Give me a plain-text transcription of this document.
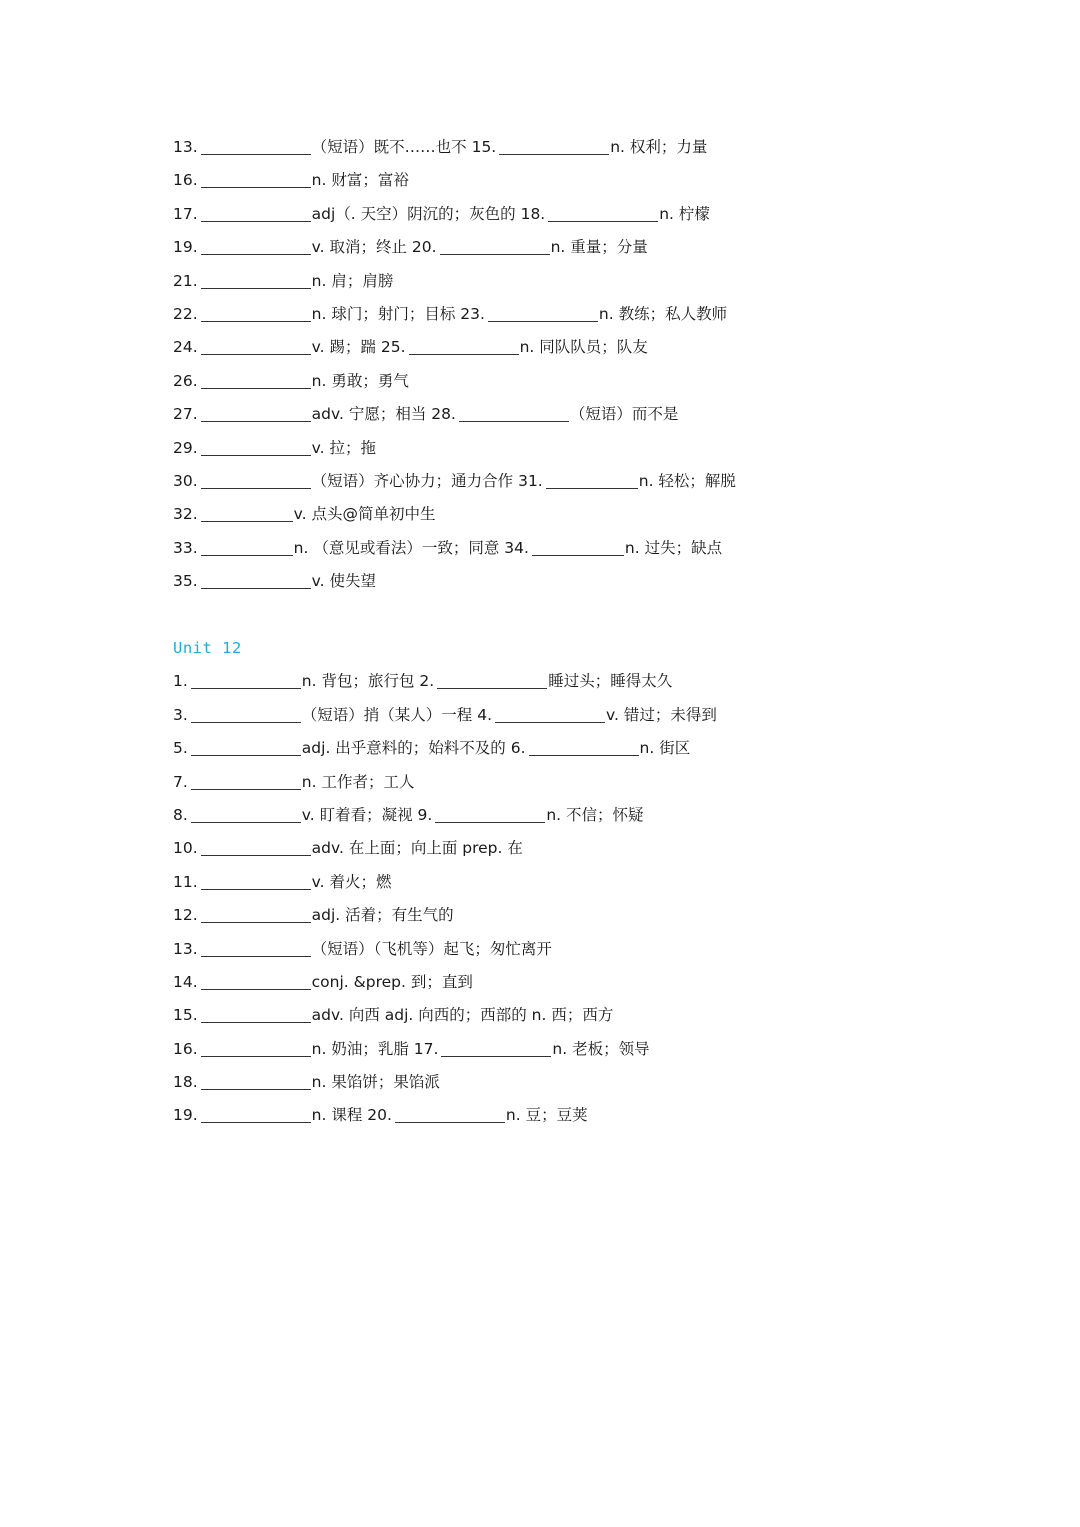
13.	（短语）既不……也不 15.	n. 权利；力量
16.	n. 财富；富裕
17.	adj（. 天空）阴沉的；灰色的 18.	n. 柠檬
19.	v. 取消；终止 20.	n. 重量；分量
21.	n. 肩；肩膀
22.	n. 球门；射门；目标 23.	n. 教练；私人教师
24.	v. 踢；踹 25.	n. 同队队员；队友
26.	n. 勇敢；勇气
27.	adv. 宁愿；相当 28.	（短语）而不是
29.	v. 拉；拖
30.	（短语）齐心协力；通力合作 31.	n. 轻松；解脱
32.	v. 点头@简单初中生
33.	n. （意见或看法）一致；同意 34.	n. 过失；缺点
35.	v. 使失望
Unit 12
1.	n. 背包；旅行包 2.	睡过头；睡得太久
3.	（短语）捎（某人）一程 4.	v. 错过；未得到
5.	adj. 出乎意料的；始料不及的 6.	n. 街区
7.	n. 工作者；工人
8.	v. 盯着看；凝视 9.	n. 不信；怀疑
10.	adv. 在上面；向上面 prep. 在
11.	v. 着火；燃
12.	adj. 活着；有生气的
13.	（短语）（飞机等）起飞；匆忙离开
14.	conj. &prep. 到；直到
15.	adv. 向西 adj. 向西的；西部的 n. 西；西方
16.	n. 奶油；乳脂 17.	n. 老板；领导
18.	n. 果馅饼；果馅派
19.	n. 课程 20.	n. 豆；豆荚
